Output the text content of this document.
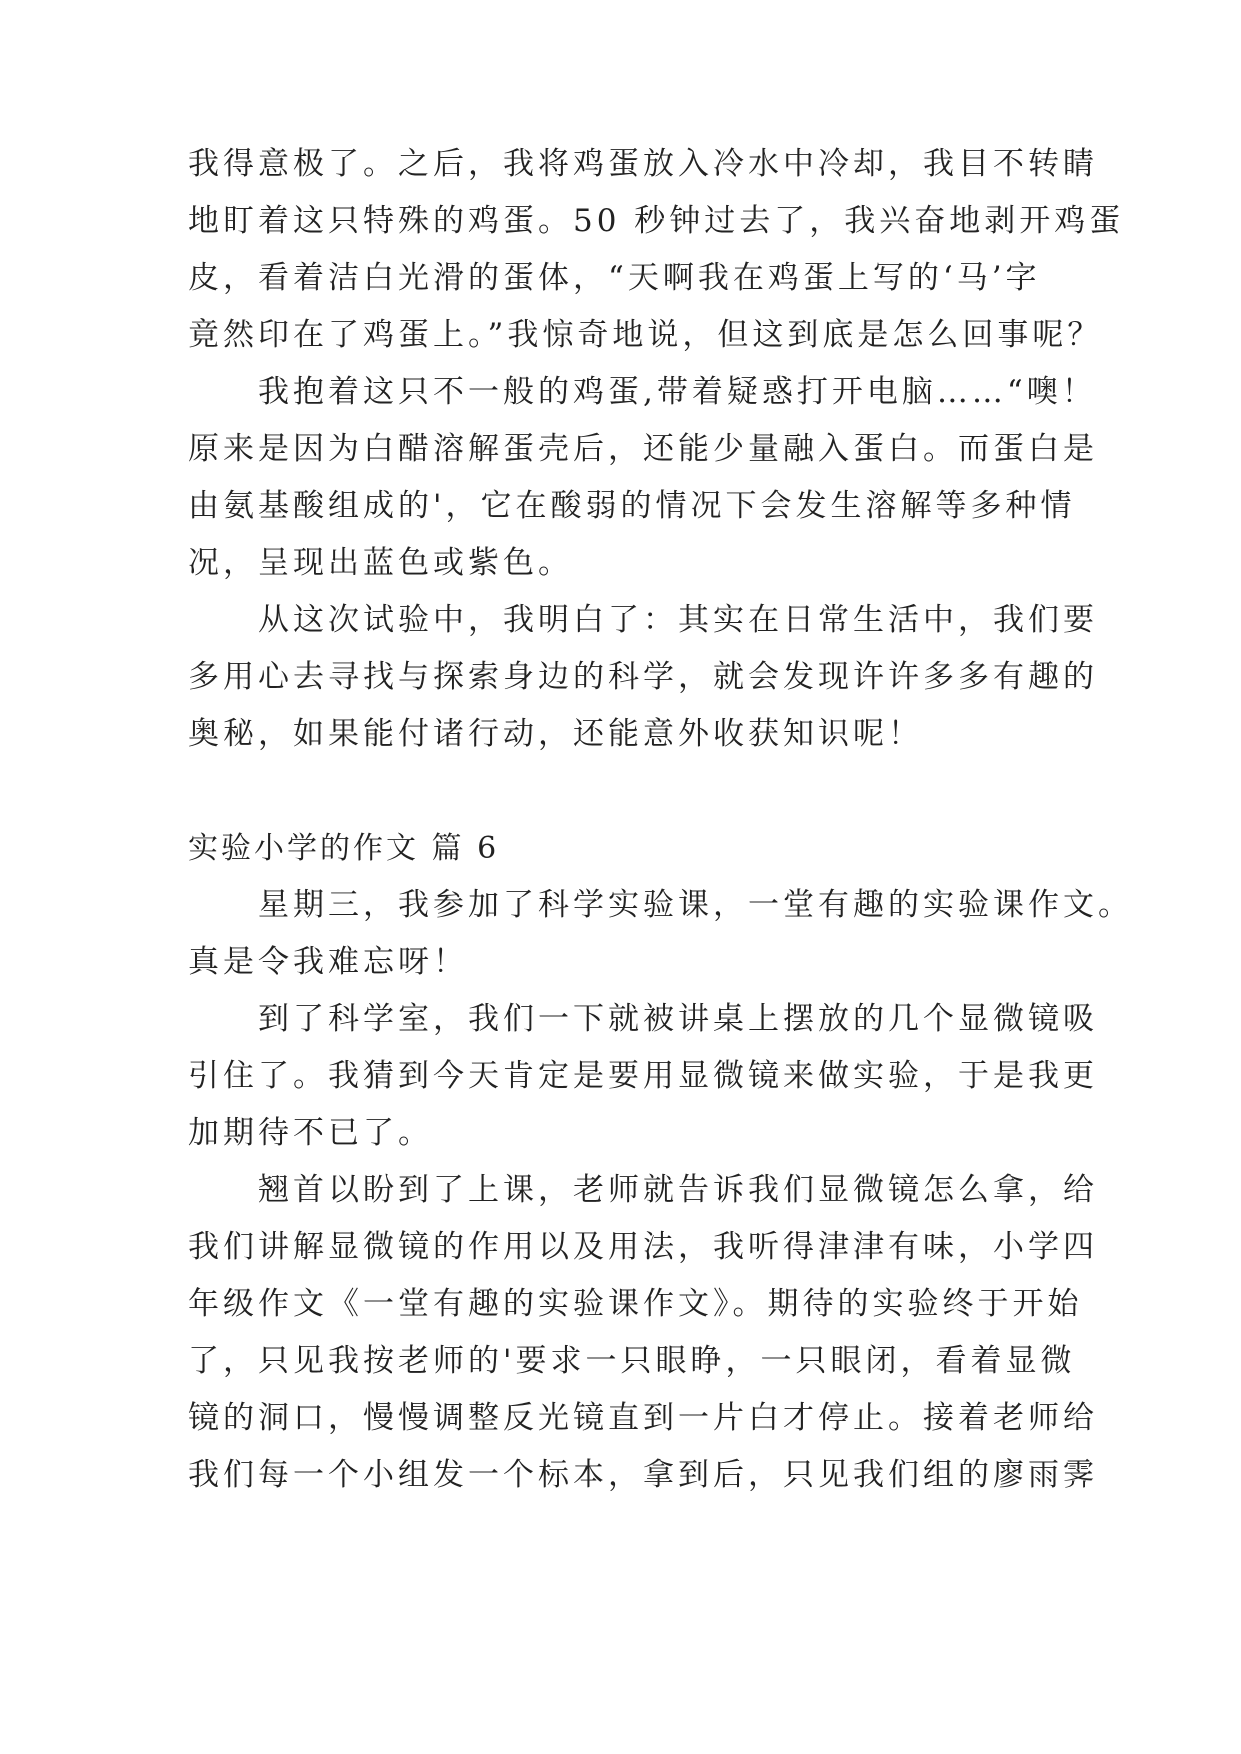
我得意极了。之后，我将鸡蛋放入冷水中冷却，我目不转睛
地盯着这只特殊的鸡蛋。50 秒钟过去了，我兴奋地剥开鸡蛋
皮，看着洁白光滑的蛋体，“天啊我在鸡蛋上写的‘马’字
竟然印在了鸡蛋上。”我惊奇地说，但这到底是怎么回事呢？
　　我抱着这只不一般的鸡蛋,带着疑惑打开电脑……“噢！
原来是因为白醋溶解蛋壳后，还能少量融入蛋白。而蛋白是
由氨基酸组成的'，它在酸弱的情况下会发生溶解等多种情
况，呈现出蓝色或紫色。
　　从这次试验中，我明白了：其实在日常生活中，我们要
多用心去寻找与探索身边的科学，就会发现许许多多有趣的
奥秘，如果能付诸行动，还能意外收获知识呢！
实验小学的作文 篇 6
　　星期三，我参加了科学实验课，一堂有趣的实验课作文。
真是令我难忘呀！
　　到了科学室，我们一下就被讲桌上摆放的几个显微镜吸
引住了。我猜到今天肯定是要用显微镜来做实验，于是我更
加期待不已了。
　　翘首以盼到了上课，老师就告诉我们显微镜怎么拿，给
我们讲解显微镜的作用以及用法，我听得津津有味，小学四
年级作文《一堂有趣的实验课作文》。期待的实验终于开始
了，只见我按老师的'要求一只眼睁，一只眼闭，看着显微
镜的洞口，慢慢调整反光镜直到一片白才停止。接着老师给
我们每一个小组发一个标本，拿到后，只见我们组的廖雨霁
